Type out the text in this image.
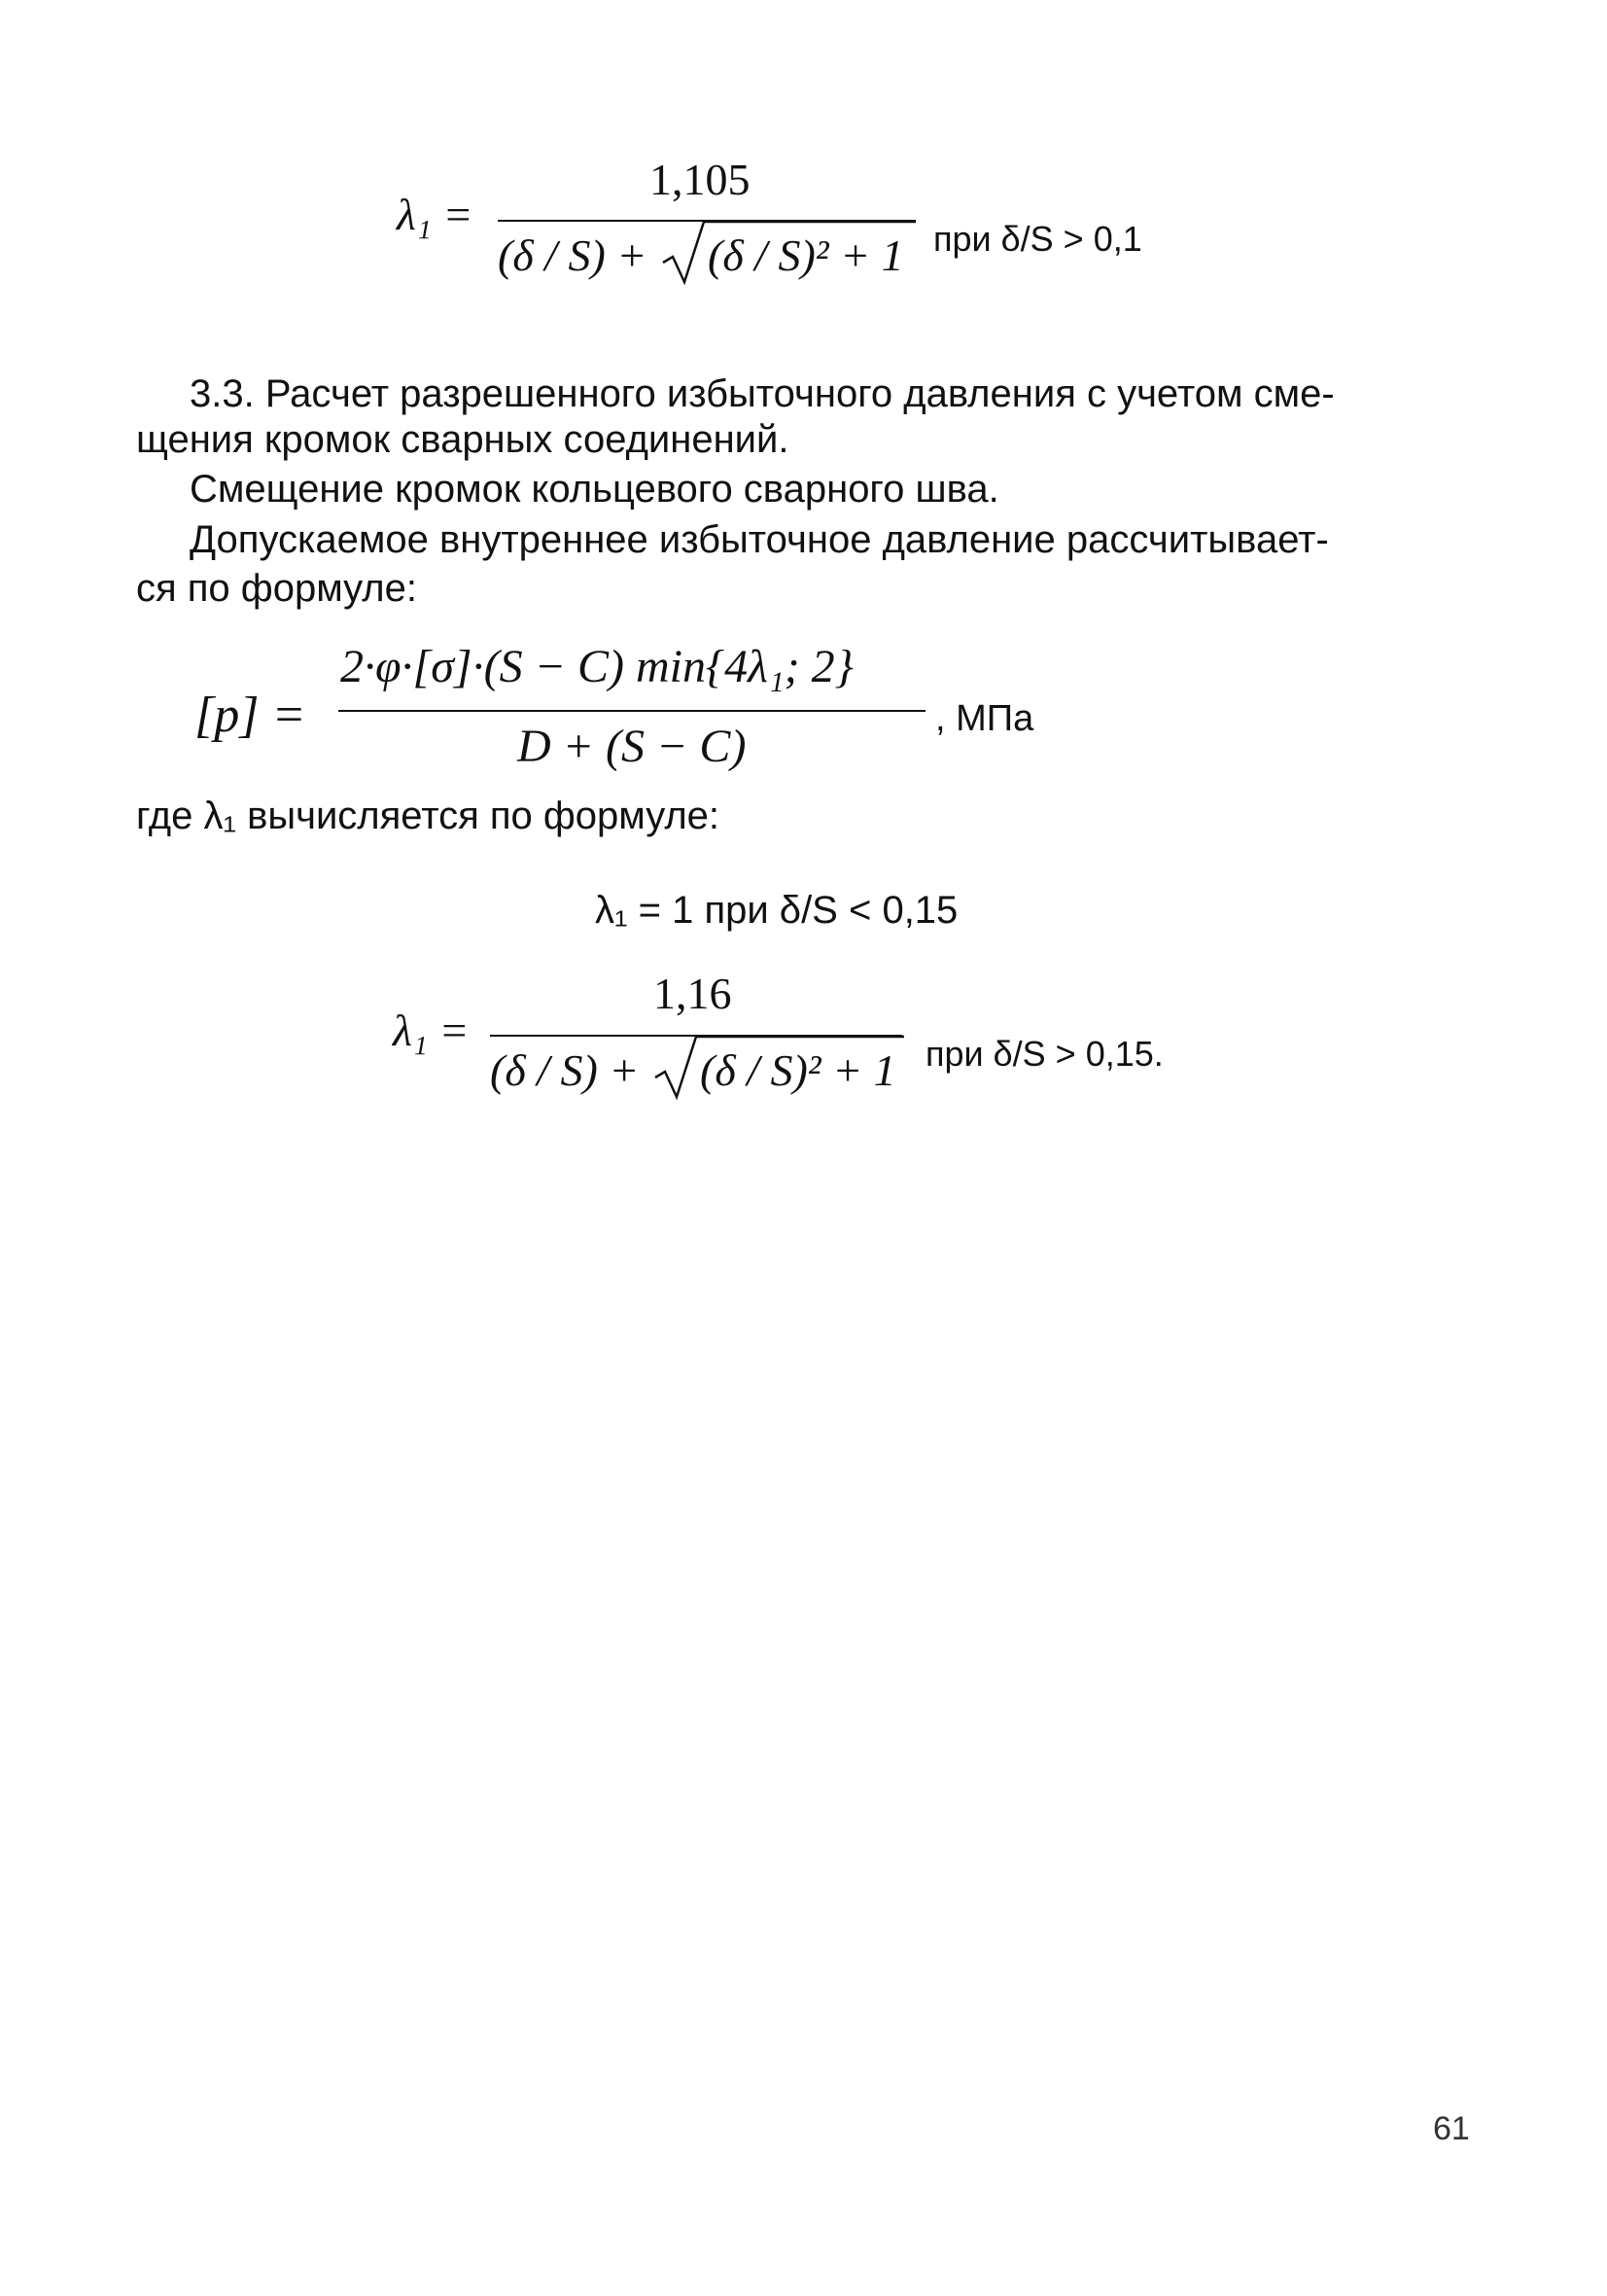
λ₁ =
1,105
(δ / S) + (δ / S)² + 1 при δ/S > 0,1
3.3. Расчет разрешенного избыточного давления с учетом сме-
щения кромок сварных соединений.
Смещение кромок кольцевого сварного шва.
Допускаемое внутреннее избыточное давление рассчитывает-
ся по формуле:
[p] =
2·φ·[σ]·(S − C) min{4λ₁; 2}
D + (S − C)
, МПа
где λ₁ вычисляется по формуле:
λ₁ = 1 при δ/S < 0,15
λ₁ =
1,16
(δ / S) + (δ / S)² + 1 при δ/S > 0,15.
61
